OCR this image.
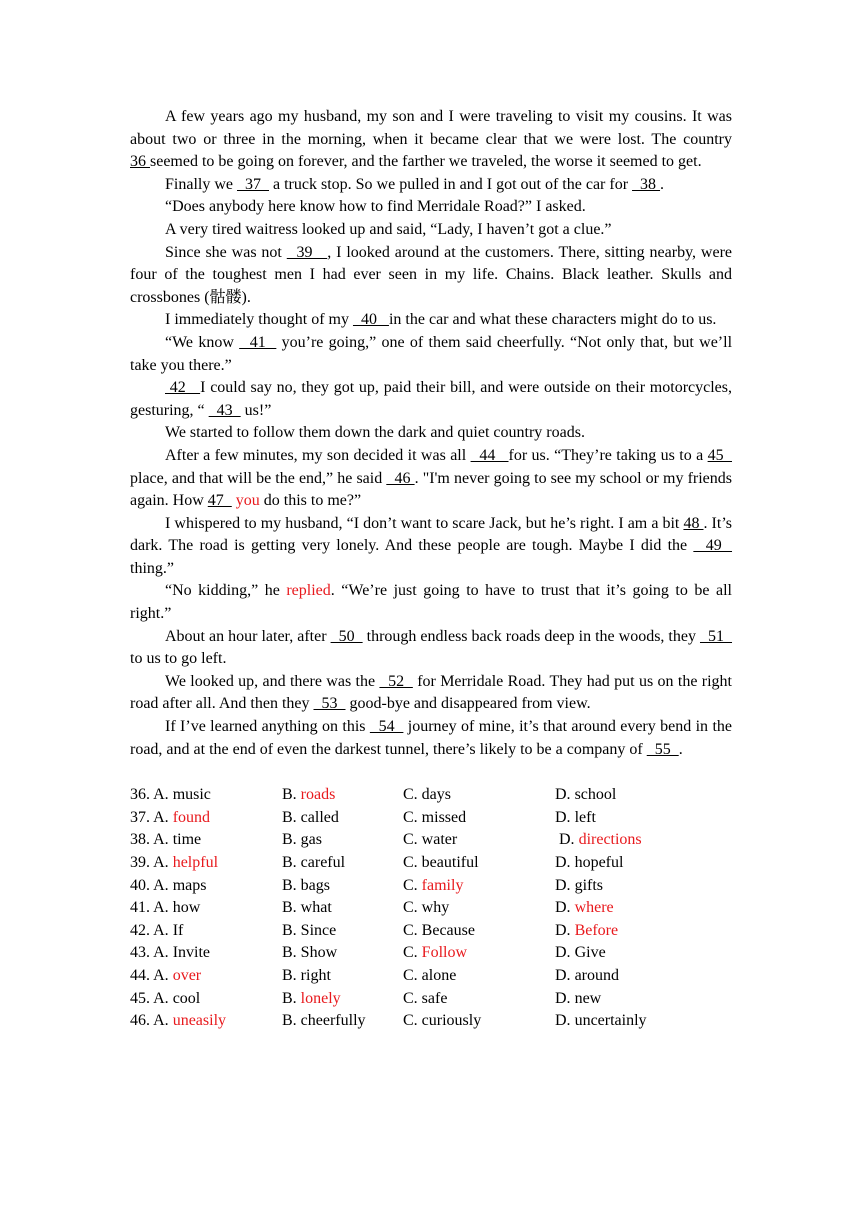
A few years ago my husband, my son and I were traveling to visit my cousins. It was about two or three in the morning, when it became clear that we were lost. The country 36 seemed to be going on forever, and the farther we traveled, the worse it seemed to get.

Finally we   37   a truck stop. So we pulled in and I got out of the car for   38 .

“Does anybody here know how to find Merridale Road?” I asked.

A very tired waitress looked up and said, “Lady, I haven’t got a clue.”

Since she was not   39   , I looked around at the customers. There, sitting nearby, were four of the toughest men I had ever seen in my life. Chains. Black leather. Skulls and crossbones (骷髅).

I immediately thought of my   40   in the car and what these characters might do to us.

“We know   41   you’re going,” one of them said cheerfully. “Not only that, but we’ll take you there.”

42   I could say no, they got up, paid their bill, and were outside on their motorcycles, gesturing, “   43   us!”

We started to follow them down the dark and quiet country roads.

After a few minutes, my son decided it was all   44   for us. “They’re taking us to a 45   place, and that will be the end,” he said   46 . "I'm never going to see my school or my friends again. How 47   you do this to me?”

I whispered to my husband, “I don’t want to scare Jack, but he’s right. I am a bit 48 . It’s dark. The road is getting very lonely. And these people are tough. Maybe I did the   49   thing.”

“No kidding,” he replied. “We’re just going to have to trust that it’s going to be all right.”

About an hour later, after   50   through endless back roads deep in the woods, they   51   to us to go left.

We looked up, and there was the   52   for Merridale Road. They had put us on the right road after all. And then they   53   good-bye and disappeared from view.

If I’ve learned anything on this   54   journey of mine, it’s that around every bend in the road, and at the end of even the darkest tunnel, there’s likely to be a company of   55  .

36. A. music	B. roads	C. days	D. school
37. A. found	B. called	C. missed	D. left
38. A. time	B. gas	C. water	D. directions
39. A. helpful	B. careful	C. beautiful	D. hopeful
40. A. maps	B. bags	C. family	D. gifts
41. A. how	B. what	C. why	D. where
42. A. If	B. Since	C. Because	D. Before
43. A. Invite	B. Show	C. Follow	D. Give
44. A. over	B. right	C. alone	D. around
45. A. cool	B. lonely	C. safe	D. new
46. A. uneasily	B. cheerfully	C. curiously	D. uncertainly
